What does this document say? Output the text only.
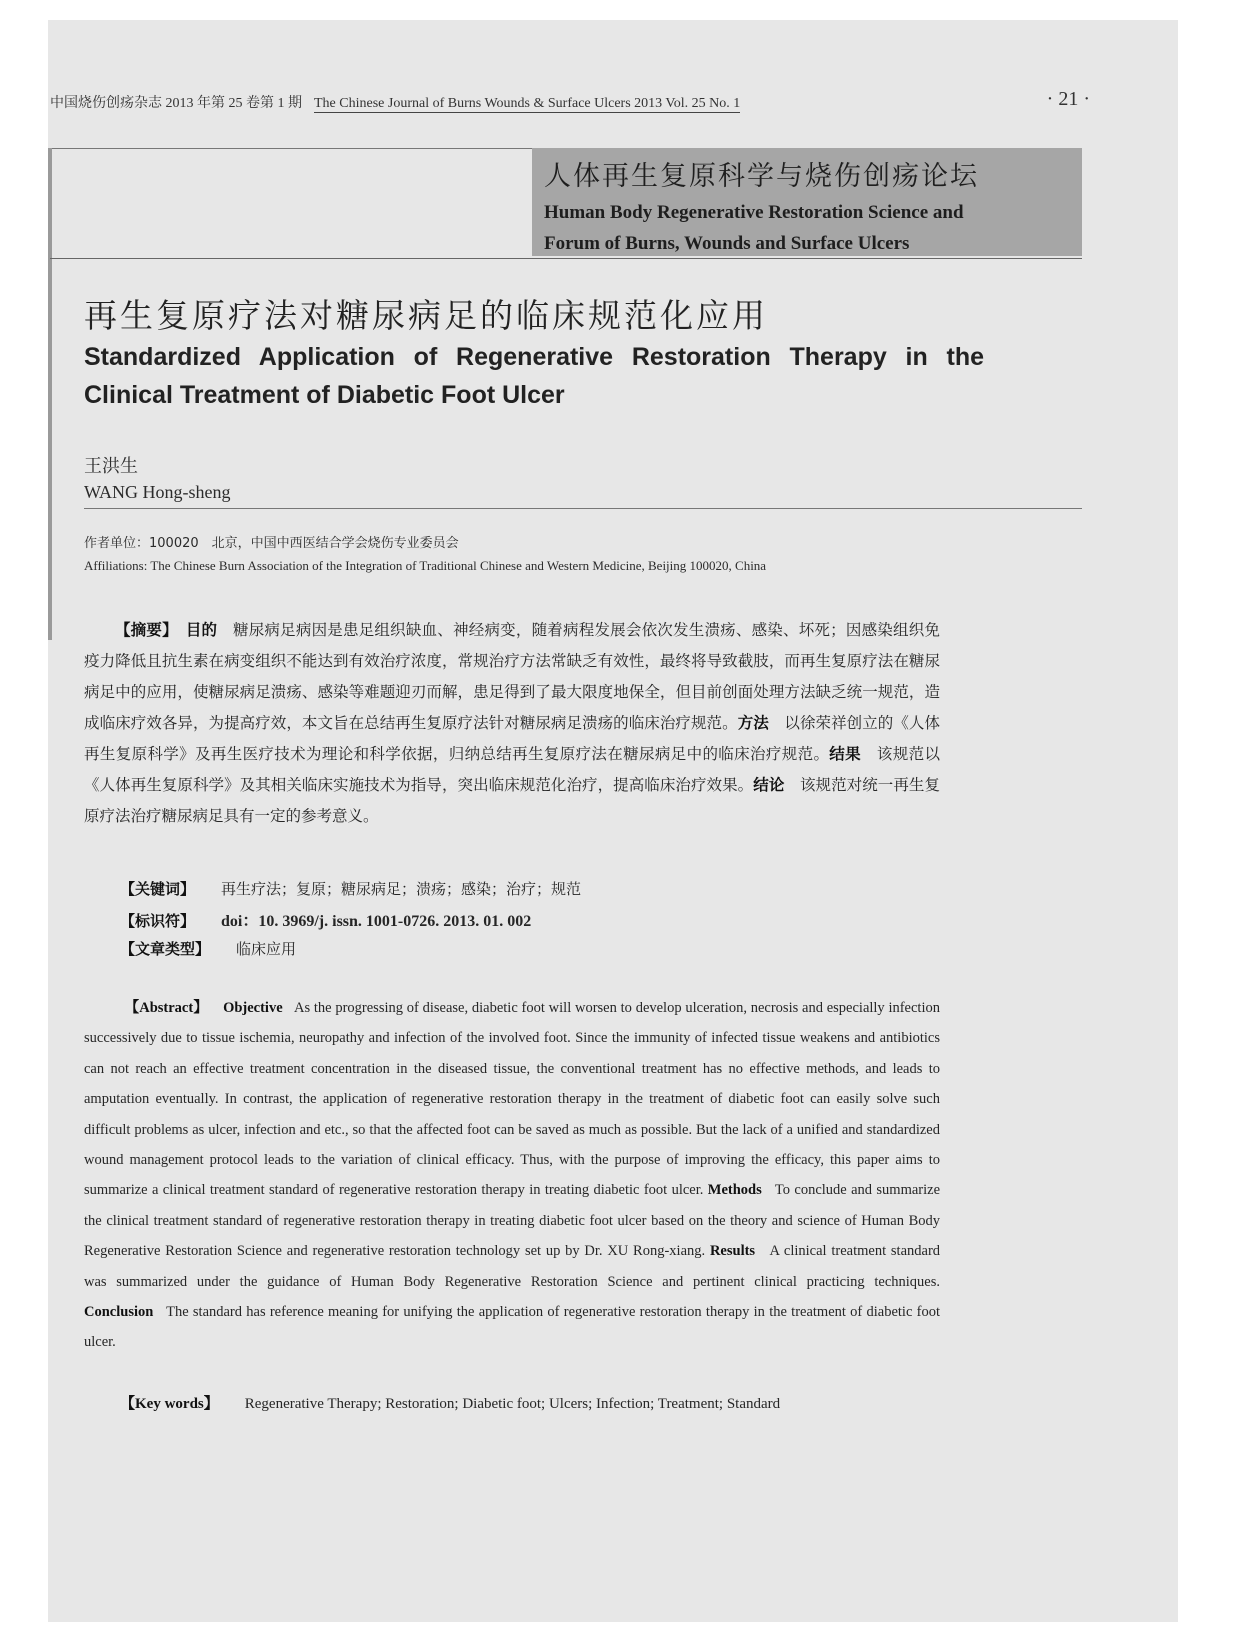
中国烧伤创疡杂志 2013 年第 25 卷第 1 期 The Chinese Journal of Burns Wounds & Surface Ulcers 2013 Vol. 25 No. 1	· 21 ·
人体再生复原科学与烧伤创疡论坛
Human Body Regenerative Restoration Science and
Forum of Burns, Wounds and Surface Ulcers
再生复原疗法对糖尿病足的临床规范化应用
Standardized Application of Regenerative Restoration Therapy in the Clinical Treatment of Diabetic Foot Ulcer
王洪生
WANG Hong-sheng
作者单位：100020　北京，中国中西医结合学会烧伤专业委员会
Affiliations: The Chinese Burn Association of the Integration of Traditional Chinese and Western Medicine, Beijing 100020, China
【摘要】　 目的　 糖尿病足病因是患足组织缺血、神经病变，随着病程发展会依次发生溃疡、感染、坏死；因感染组织免疫力降低且抗生素在病变组织不能达到有效治疗浓度，常规治疗方法常缺乏有效性，最终将导致截肢，而再生复原疗法在糖尿病足中的应用，使糖尿病足溃疡、感染等难题迎刃而解，患足得到了最大限度地保全，但目前创面处理方法缺乏统一规范，造成临床疗效各异，为提高疗效，本文旨在总结再生复原疗法针对糖尿病足溃疡的临床治疗规范。方法　 以徐荣祥创立的《人体再生复原科学》及再生医疗技术为理论和科学依据，归纳总结再生复原疗法在糖尿病足中的临床治疗规范。结果　 该规范以《人体再生复原科学》及其相关临床实施技术为指导，突出临床规范化治疗，提高临床治疗效果。结论　 该规范对统一再生复原疗法治疗糖尿病足具有一定的参考意义。
【关键词】 再生疗法；复原；糖尿病足；溃疡；感染；治疗；规范
【标识符】 doi：10. 3969/j. issn. 1001-0726. 2013. 01. 002
【文章类型】 临床应用
【Abstract】 Objective As the progressing of disease, diabetic foot will worsen to develop ulceration, necrosis and especially infection successively due to tissue ischemia, neuropathy and infection of the involved foot. Since the immunity of infected tissue weakens and antibiotics can not reach an effective treatment concentration in the diseased tissue, the conventional treatment has no effective methods, and leads to amputation eventually. In contrast, the application of regenerative restoration therapy in the treatment of diabetic foot can easily solve such difficult problems as ulcer, infection and etc., so that the affected foot can be saved as much as possible. But the lack of a unified and standardized wound management protocol leads to the variation of clinical efficacy. Thus, with the purpose of improving the efficacy, this paper aims to summarize a clinical treatment standard of regenerative restoration therapy in treating diabetic foot ulcer. Methods To conclude and summarize the clinical treatment standard of regenerative restoration therapy in treating diabetic foot ulcer based on the theory and science of Human Body Regenerative Restoration Science and regenerative restoration technology set up by Dr. XU Rong-xiang. Results A clinical treatment standard was summarized under the guidance of Human Body Regenerative Restoration Science and pertinent clinical practicing techniques. Conclusion The standard has reference meaning for unifying the application of regenerative restoration therapy in the treatment of diabetic foot ulcer.
【Key words】 Regenerative Therapy; Restoration; Diabetic foot; Ulcers; Infection; Treatment; Standard
